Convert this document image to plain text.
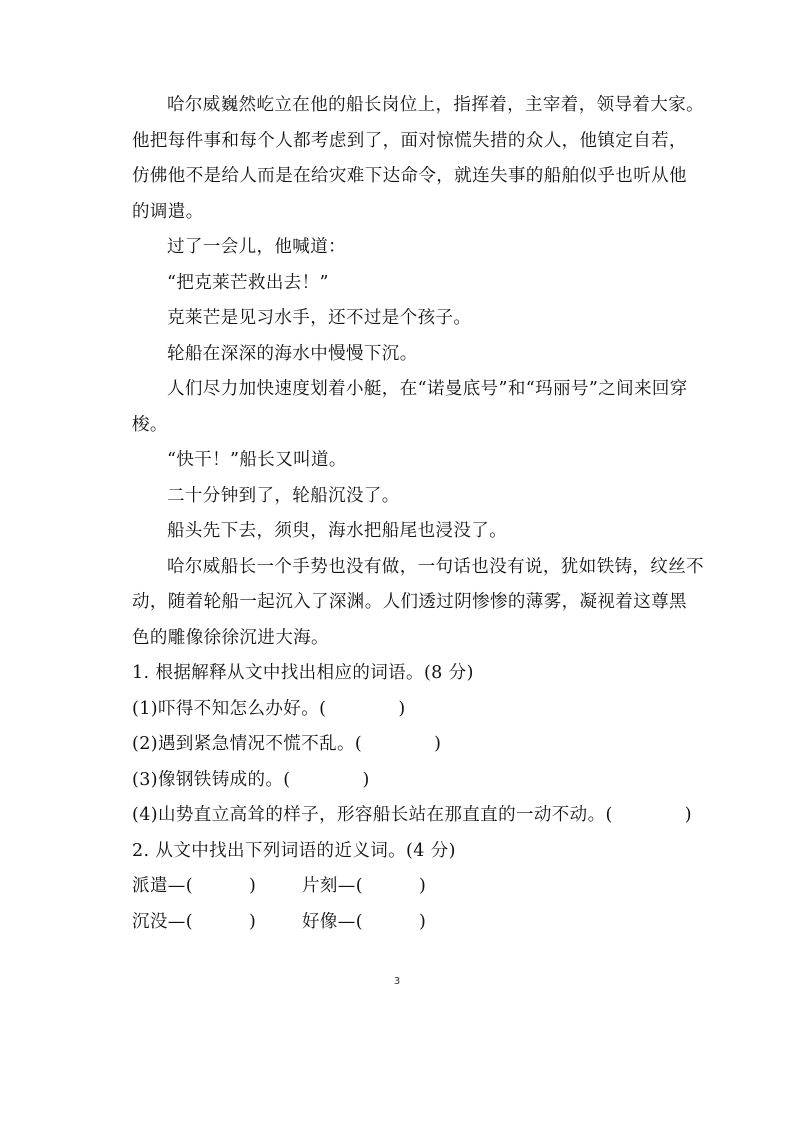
哈尔威巍然屹立在他的船长岗位上，指挥着，主宰着，领导着大家。他把每件事和每个人都考虑到了，面对惊慌失措的众人，他镇定自若，仿佛他不是给人而是在给灾难下达命令，就连失事的船舶似乎也听从他的调遣。

过了一会儿，他喊道：

“把克莱芒救出去！”

克莱芒是见习水手，还不过是个孩子。

轮船在深深的海水中慢慢下沉。

人们尽力加快速度划着小艇，在“诺曼底号”和“玛丽号”之间来回穿梭。

“快干！”船长又叫道。

二十分钟到了，轮船沉没了。

船头先下去，须臾，海水把船尾也浸没了。

哈尔威船长一个手势也没有做，一句话也没有说，犹如铁铸，纹丝不动，随着轮船一起沉入了深渊。人们透过阴惨惨的薄雾，凝视着这尊黑色的雕像徐徐沉进大海。

1. 根据解释从文中找出相应的词语。(8 分)

(1)吓得不知怎么办好。(	)

(2)遇到紧急情况不慌不乱。(	)

(3)像钢铁铸成的。(	)

(4)山势直立高耸的样子，形容船长站在那直直的一动不动。(	)

2. 从文中找出下列词语的近义词。(4 分)

派遣—(	)	片刻—(	)
沉没—(	)	好像—(	)
3
